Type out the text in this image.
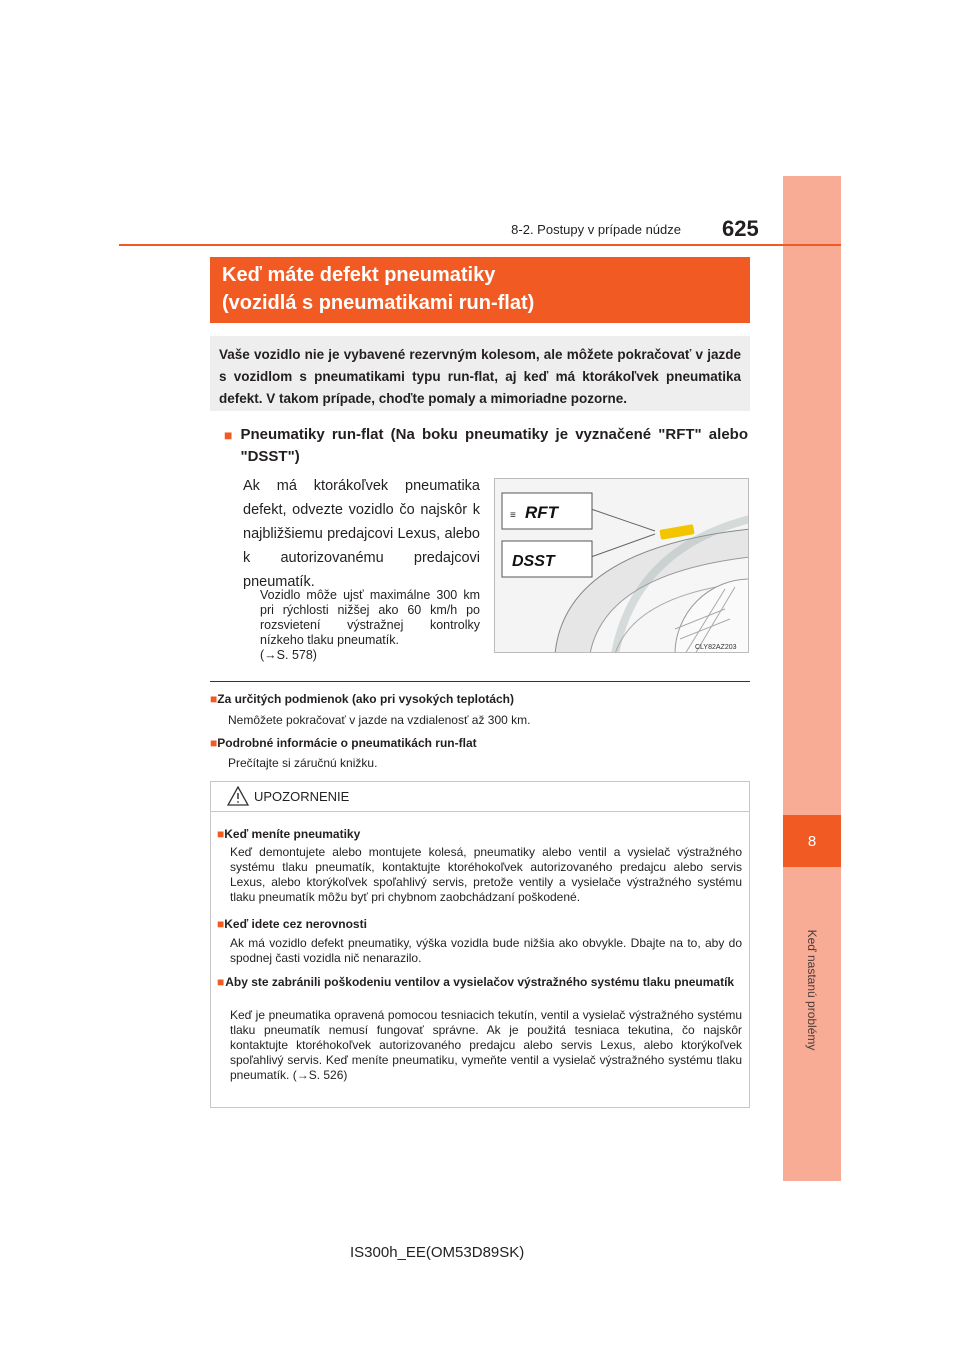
8
Keď nastanú problémy
8-2. Postupy v prípade núdze 625
Keď máte defekt pneumatiky
(vozidlá s pneumatikami run-flat)
Vaše vozidlo nie je vybavené rezervným kolesom, ale môžete pokračovať v jazde s vozidlom s pneumatikami typu run-flat, aj keď má ktorákoľvek pneumatika defekt. V takom prípade, choďte pomaly a mimoriadne pozorne.
■ Pneumatiky run-flat (Na boku pneumatiky je vyznačené "RFT" alebo "DSST")
Ak má ktorákoľvek pneumatika defekt, odvezte vozidlo čo najskôr k najbližšiemu predajcovi Lexus, alebo k autorizovanému predajcovi pneumatík.
Vozidlo môže ujsť maximálne 300 km pri rýchlosti nižšej ako 60 km/h po rozsvietení výstražnej kontrolky nízkeho tlaku pneumatík.
(→S. 578)
≡ RFT
DSST
CLY82AZ203
■Za určitých podmienok (ako pri vysokých teplotách)
Nemôžete pokračovať v jazde na vzdialenosť až 300 km.
■Podrobné informácie o pneumatikách run-flat
Prečítajte si záručnú knižku.
UPOZORNENIE
■Keď meníte pneumatiky
Keď demontujete alebo montujete kolesá, pneumatiky alebo ventil a vysielač výstražného systému tlaku pneumatík, kontaktujte ktoréhokoľvek autorizovaného predajcu alebo servis Lexus, alebo ktorýkoľvek spoľahlivý servis, pretože ventily a vysielače výstražného systému tlaku pneumatík môžu byť pri chybnom zaobchádzaní poškodené.
■Keď idete cez nerovnosti
Ak má vozidlo defekt pneumatiky, výška vozidla bude nižšia ako obvykle. Dbajte na to, aby do spodnej časti vozidla nič nenarazilo.
■ Aby ste zabránili poškodeniu ventilov a vysielačov výstražného systému tlaku pneumatík
Keď je pneumatika opravená pomocou tesniacich tekutín, ventil a vysielač výstražného systému tlaku pneumatík nemusí fungovať správne. Ak je použitá tesniaca tekutina, čo najskôr kontaktujte ktoréhokoľvek autorizovaného predajcu alebo servis Lexus, alebo ktorýkoľvek spoľahlivý servis. Keď meníte pneumatiku, vymeňte ventil a vysielač výstražného systému tlaku pneumatík. (→S. 526)
IS300h_EE(OM53D89SK)
